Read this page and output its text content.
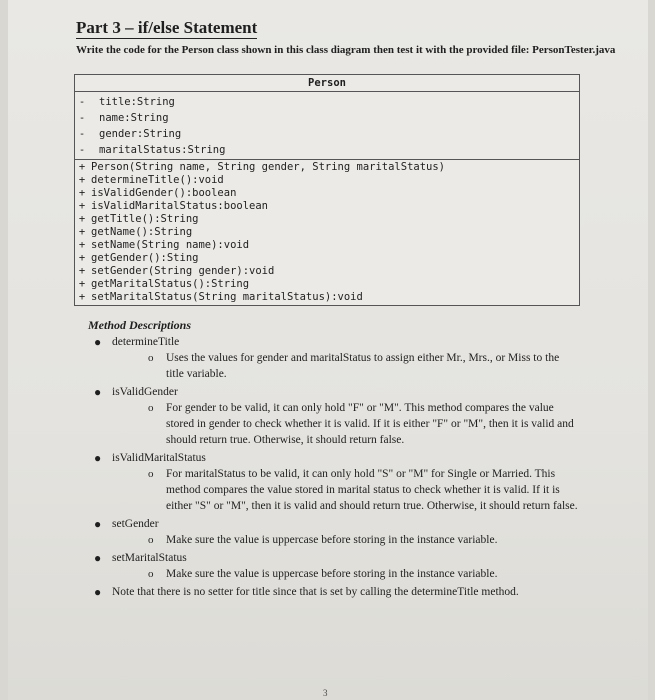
Part 3 – if/else Statement
Write the code for the Person class shown in this class diagram then test it with the provided file: PersonTester.java
Person
-	title:String
-	name:String
-	gender:String
-	maritalStatus:String
+ Person(String name, String gender, String maritalStatus)
+ determineTitle():void
+ isValidGender():boolean
+ isValidMaritalStatus:boolean
+ getTitle():String
+ getName():String
+ setName(String name):void
+ getGender():Sting
+ setGender(String gender):void
+ getMaritalStatus():String
+ setMaritalStatus(String maritalStatus):void
Method Descriptions
● determineTitle
o Uses the values for gender and maritalStatus to assign either Mr., Mrs., or Miss to the title variable.
● isValidGender
o For gender to be valid, it can only hold "F" or "M". This method compares the value stored in gender to check whether it is valid. If it is either "F" or "M", then it is valid and should return true. Otherwise, it should return false.
● isValidMaritalStatus
o For maritalStatus to be valid, it can only hold "S" or "M" for Single or Married. This method compares the value stored in marital status to check whether it is valid. If it is either "S" or "M", then it is valid and should return true. Otherwise, it should return false.
● setGender
o Make sure the value is uppercase before storing in the instance variable.
● setMaritalStatus
o Make sure the value is uppercase before storing in the instance variable.
● Note that there is no setter for title since that is set by calling the determineTitle method.
3
